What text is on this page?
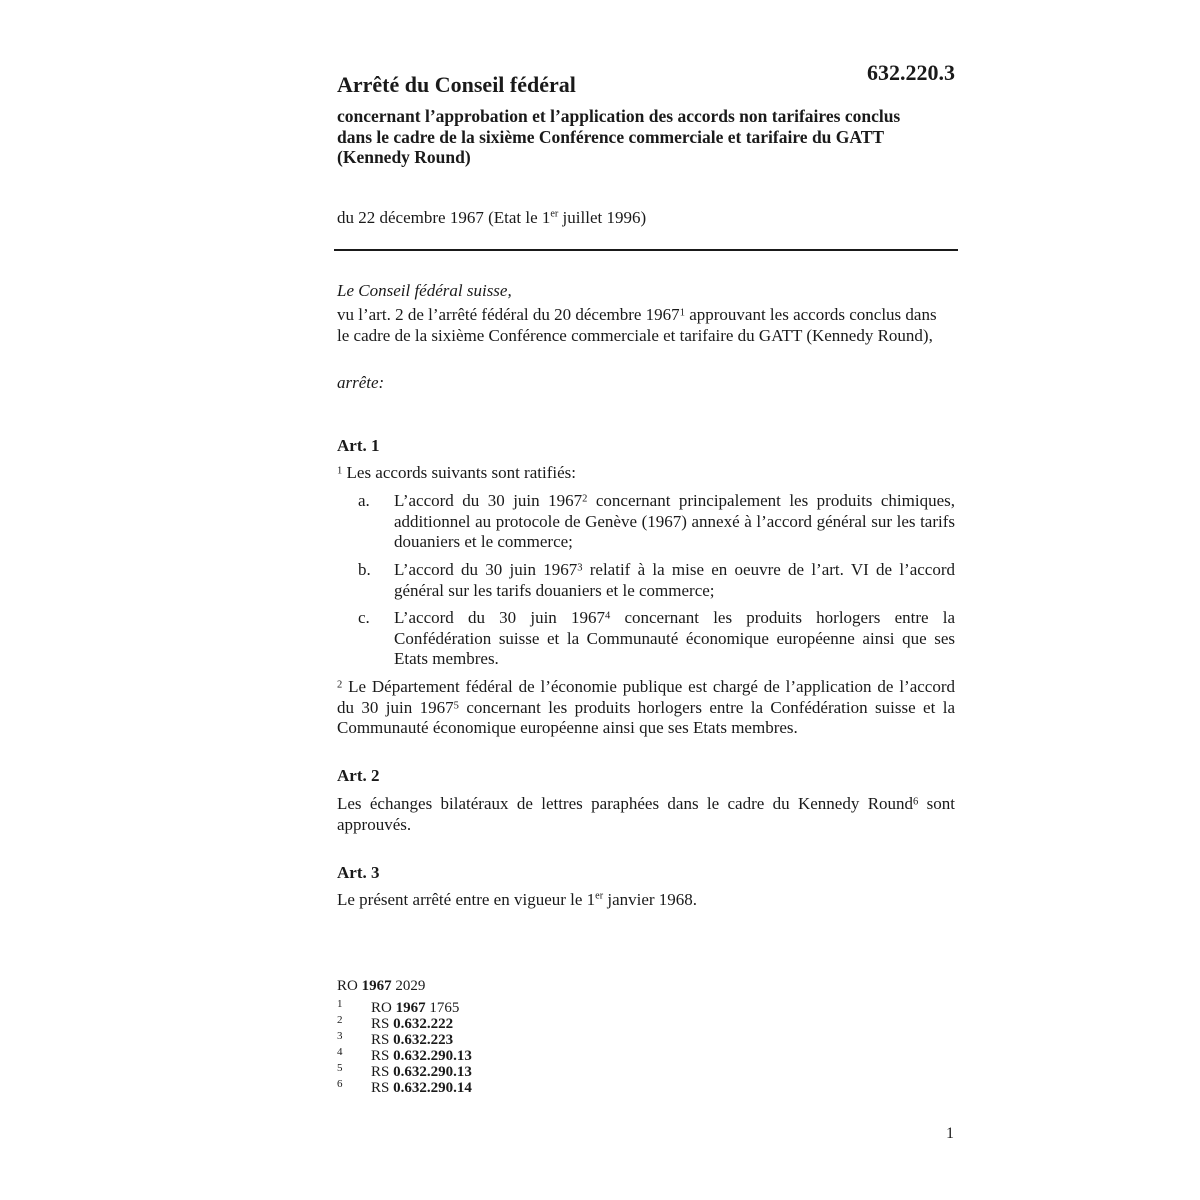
632.220.3
Arrêté du Conseil fédéral
concernant l’approbation et l’application des accords non tarifaires conclus dans le cadre de la sixième Conférence commerciale et tarifaire du GATT (Kennedy Round)
du 22 décembre 1967 (Etat le 1er juillet 1996)
Le Conseil fédéral suisse,
vu l’art. 2 de l’arrêté fédéral du 20 décembre 1967$^1$ approuvant les accords conclus dans le cadre de la sixième Conférence commerciale et tarifaire du GATT (Kennedy Round),
arrête:
Art. 1
$^1$ Les accords suivants sont ratifiés:
a. L’accord du 30 juin 1967$^2$ concernant principalement les produits chimiques, additionnel au protocole de Genève (1967) annexé à l’accord général sur les tarifs douaniers et le commerce;
b. L’accord du 30 juin 1967$^3$ relatif à la mise en oeuvre de l’art. VI de l’accord général sur les tarifs douaniers et le commerce;
c. L’accord du 30 juin 1967$^4$ concernant les produits horlogers entre la Confédération suisse et la Communauté économique européenne ainsi que ses Etats membres.
$^2$ Le Département fédéral de l’économie publique est chargé de l’application de l’accord du 30 juin 1967$^5$ concernant les produits horlogers entre la Confédération suisse et la Communauté économique européenne ainsi que ses Etats membres.
Art. 2
Les échanges bilatéraux de lettres paraphées dans le cadre du Kennedy Round$^6$ sont approuvés.
Art. 3
Le présent arrêté entre en vigueur le 1er janvier 1968.
RO 1967 2029
1 RO 1967 1765
2 RS 0.632.222
3 RS 0.632.223
4 RS 0.632.290.13
5 RS 0.632.290.13
6 RS 0.632.290.14
1
